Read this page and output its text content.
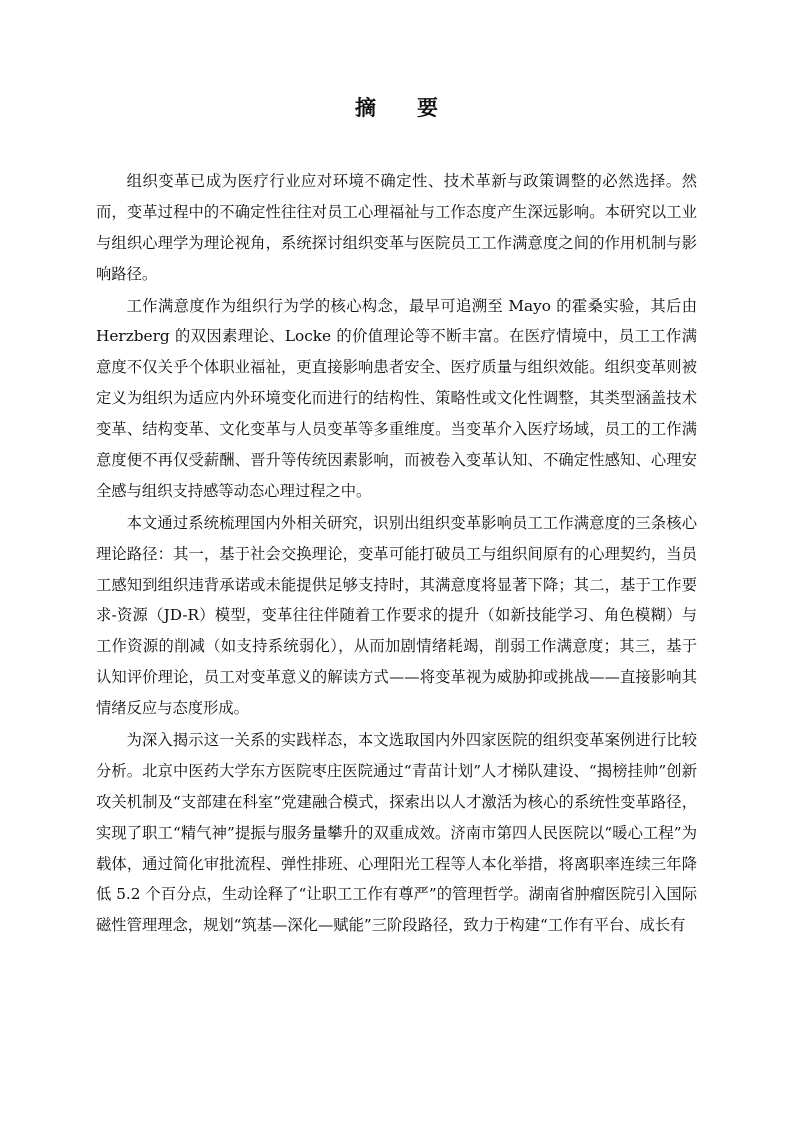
摘　要

组织变革已成为医疗行业应对环境不确定性、技术革新与政策调整的必然选择。然而，变革过程中的不确定性往往对员工心理福祉与工作态度产生深远影响。本研究以工业与组织心理学为理论视角，系统探讨组织变革与医院员工工作满意度之间的作用机制与影响路径。

工作满意度作为组织行为学的核心构念，最早可追溯至 Mayo 的霍桑实验，其后由 Herzberg 的双因素理论、Locke 的价值理论等不断丰富。在医疗情境中，员工工作满意度不仅关乎个体职业福祉，更直接影响患者安全、医疗质量与组织效能。组织变革则被定义为组织为适应内外环境变化而进行的结构性、策略性或文化性调整，其类型涵盖技术变革、结构变革、文化变革与人员变革等多重维度。当变革介入医疗场域，员工的工作满意度便不再仅受薪酬、晋升等传统因素影响，而被卷入变革认知、不确定性感知、心理安全感与组织支持感等动态心理过程之中。

本文通过系统梳理国内外相关研究，识别出组织变革影响员工工作满意度的三条核心理论路径：其一，基于社会交换理论，变革可能打破员工与组织间原有的心理契约，当员工感知到组织违背承诺或未能提供足够支持时，其满意度将显著下降；其二，基于工作要求-资源（JD-R）模型，变革往往伴随着工作要求的提升（如新技能学习、角色模糊）与工作资源的削减（如支持系统弱化），从而加剧情绪耗竭，削弱工作满意度；其三，基于认知评价理论，员工对变革意义的解读方式——将变革视为威胁抑或挑战——直接影响其情绪反应与态度形成。

为深入揭示这一关系的实践样态，本文选取国内外四家医院的组织变革案例进行比较分析。北京中医药大学东方医院枣庄医院通过“青苗计划”人才梯队建设、“揭榜挂帅”创新攻关机制及“支部建在科室”党建融合模式，探索出以人才激活为核心的系统性变革路径，实现了职工“精气神”提振与服务量攀升的双重成效。济南市第四人民医院以“暖心工程”为载体，通过简化审批流程、弹性排班、心理阳光工程等人本化举措，将离职率连续三年降低 5.2 个百分点，生动诠释了“让职工工作有尊严”的管理哲学。湖南省肿瘤医院引入国际磁性管理理念，规划“筑基—深化—赋能”三阶段路径，致力于构建“工作有平台、成长有
